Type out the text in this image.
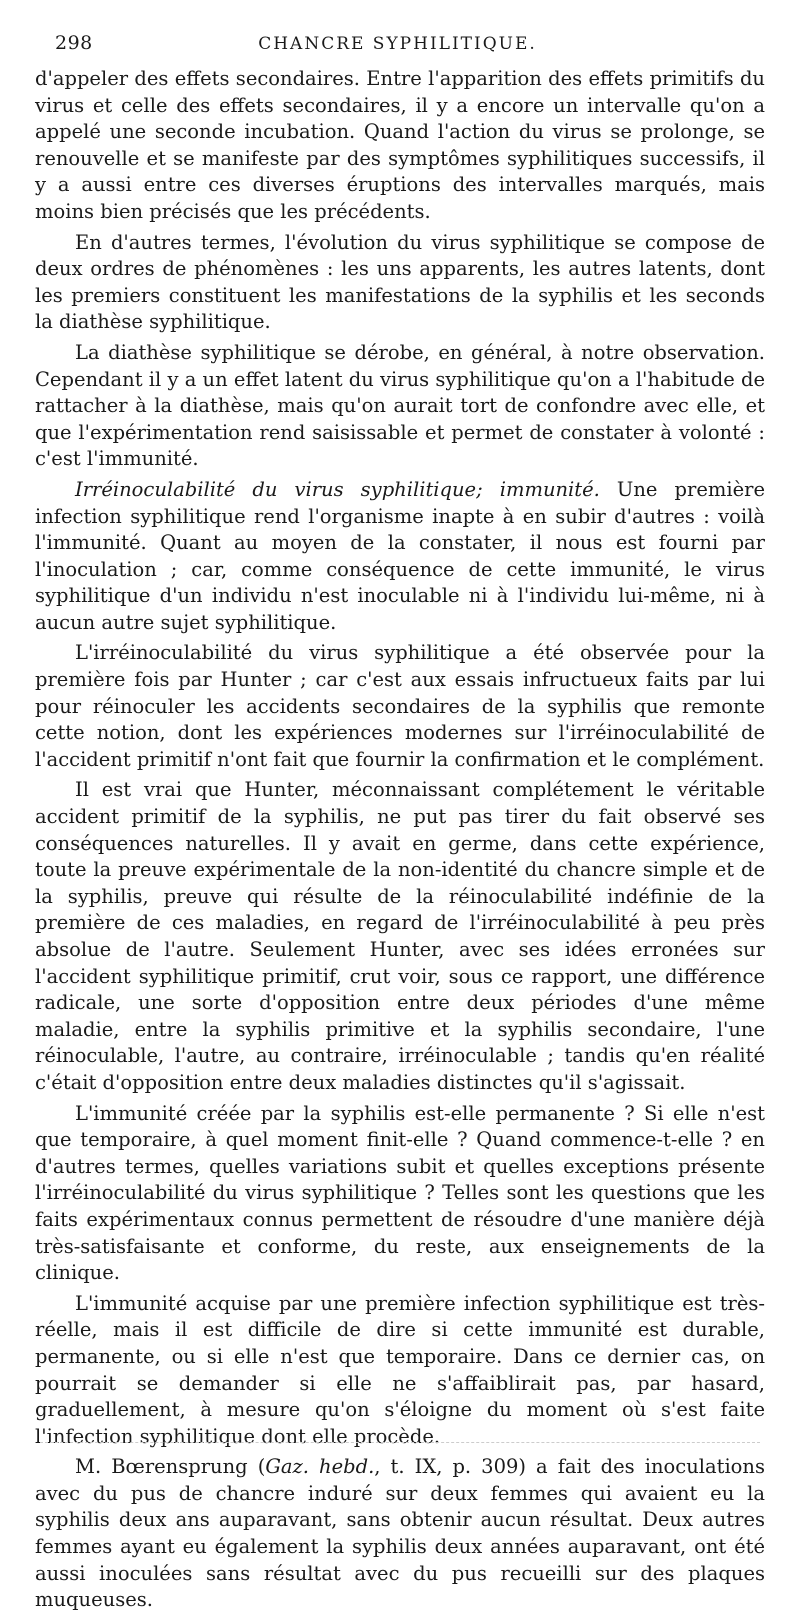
298	CHANCRE SYPHILITIQUE.

d'appeler des effets secondaires. Entre l'apparition des effets primitifs du virus et celle des effets secondaires, il y a encore un intervalle qu'on a appelé une seconde incubation. Quand l'action du virus se prolonge, se renouvelle et se manifeste par des symptômes syphilitiques successifs, il y a aussi entre ces diverses éruptions des intervalles marqués, mais moins bien précisés que les précédents.

En d'autres termes, l'évolution du virus syphilitique se compose de deux ordres de phénomènes : les uns apparents, les autres latents, dont les premiers constituent les manifestations de la syphilis et les seconds la diathèse syphilitique.

La diathèse syphilitique se dérobe, en général, à notre observation. Cependant il y a un effet latent du virus syphilitique qu'on a l'habitude de rattacher à la diathèse, mais qu'on aurait tort de confondre avec elle, et que l'expérimentation rend saisissable et permet de constater à volonté : c'est l'immunité.

Irréinoculabilité du virus syphilitique; immunité. Une première infection syphilitique rend l'organisme inapte à en subir d'autres : voilà l'immunité. Quant au moyen de la constater, il nous est fourni par l'inoculation ; car, comme conséquence de cette immunité, le virus syphilitique d'un individu n'est inoculable ni à l'individu lui-même, ni à aucun autre sujet syphilitique.

L'irréinoculabilité du virus syphilitique a été observée pour la première fois par Hunter ; car c'est aux essais infructueux faits par lui pour réinoculer les accidents secondaires de la syphilis que remonte cette notion, dont les expériences modernes sur l'irréinoculabilité de l'accident primitif n'ont fait que fournir la confirmation et le complément.

Il est vrai que Hunter, méconnaissant complétement le véritable accident primitif de la syphilis, ne put pas tirer du fait observé ses conséquences naturelles. Il y avait en germe, dans cette expérience, toute la preuve expérimentale de la non-identité du chancre simple et de la syphilis, preuve qui résulte de la réinoculabilité indéfinie de la première de ces maladies, en regard de l'irréinoculabilité à peu près absolue de l'autre. Seulement Hunter, avec ses idées erronées sur l'accident syphilitique primitif, crut voir, sous ce rapport, une différence radicale, une sorte d'opposition entre deux périodes d'une même maladie, entre la syphilis primitive et la syphilis secondaire, l'une réinoculable, l'autre, au contraire, irréinoculable ; tandis qu'en réalité c'était d'opposition entre deux maladies distinctes qu'il s'agissait.

L'immunité créée par la syphilis est-elle permanente ? Si elle n'est que temporaire, à quel moment finit-elle ? Quand commence-t-elle ? en d'autres termes, quelles variations subit et quelles exceptions présente l'irréinoculabilité du virus syphilitique ? Telles sont les questions que les faits expérimentaux connus permettent de résoudre d'une manière déjà très-satisfaisante et conforme, du reste, aux enseignements de la clinique.

L'immunité acquise par une première infection syphilitique est très-réelle, mais il est difficile de dire si cette immunité est durable, permanente, ou si elle n'est que temporaire. Dans ce dernier cas, on pourrait se demander si elle ne s'affaiblirait pas, par hasard, graduellement, à mesure qu'on s'éloigne du moment où s'est faite l'infection syphilitique dont elle procède.

M. Bœrensprung (Gaz. hebd., t. IX, p. 309) a fait des inoculations avec du pus de chancre induré sur deux femmes qui avaient eu la syphilis deux ans auparavant, sans obtenir aucun résultat. Deux autres femmes ayant eu également la syphilis deux années auparavant, ont été aussi inoculées sans résultat avec du pus recueilli sur des plaques muqueuses.
